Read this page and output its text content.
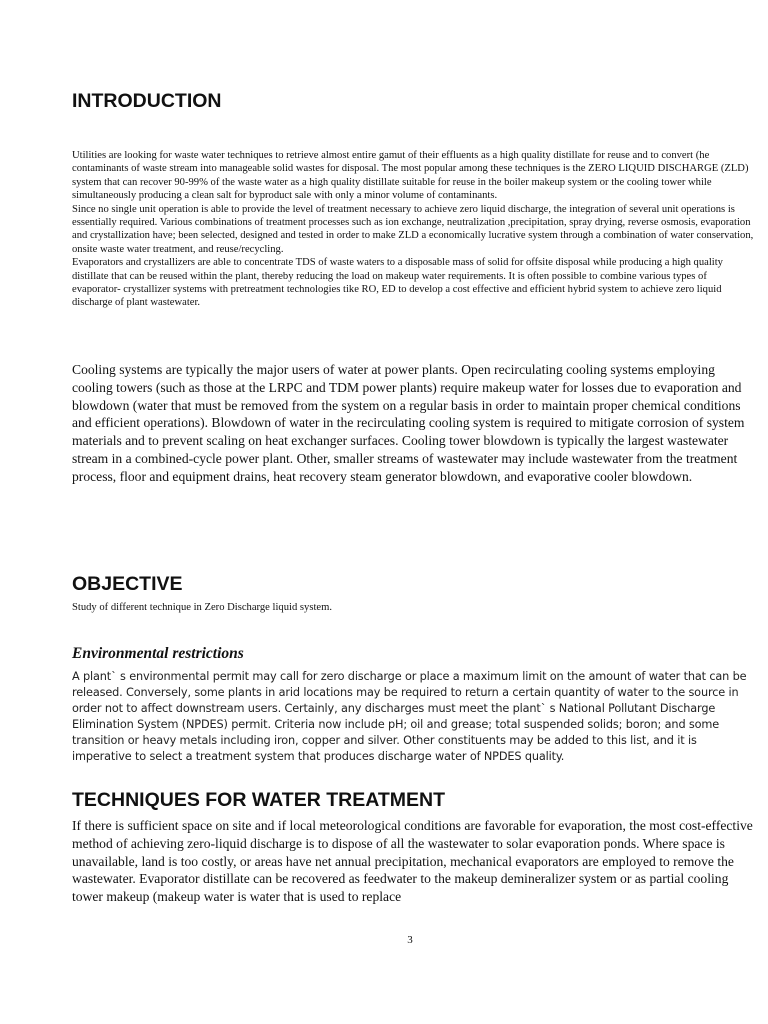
INTRODUCTION

Utilities are looking for waste water techniques to retrieve almost entire gamut of their effluents as a high quality distillate for reuse and to convert (he contaminants of waste stream into manageable solid wastes for disposal. The most popular among these techniques is the ZERO LIQUID DISCHARGE (ZLD) system that can recover 90-99% of the waste water as a high quality distillate suitable for reuse in the boiler makeup system or the cooling tower while simultaneously producing a clean salt for byproduct sale with only a minor volume of contaminants.

Since no single unit operation is able to provide the level of treatment necessary to achieve zero liquid discharge, the integration of several unit operations is essentially required. Various combinations of treatment processes such as ion exchange, neutralization ,precipitation, spray drying, reverse osmosis, evaporation and crystallization have; been selected, designed and tested in order to make ZLD a economically lucrative system through a combination of water conservation, onsite waste water treatment, and reuse/recycling.

Evaporators and crystallizers are able to concentrate TDS of waste waters to a disposable mass of solid for offsite disposal while producing a high quality distillate that can be reused within the plant, thereby reducing the load on makeup water requirements. It is often possible to combine various types of evaporator- crystallizer systems with pretreatment technologies tike RO, ED to develop a cost effective and efficient hybrid system to achieve zero liquid discharge of plant wastewater.

Cooling systems are typically the major users of water at power plants. Open recirculating cooling systems employing cooling towers (such as those at the LRPC and TDM power plants) require makeup water for losses due to evaporation and blowdown (water that must be removed from the system on a regular basis in order to maintain proper chemical conditions and efficient operations). Blowdown of water in the recirculating cooling system is required to mitigate corrosion of system materials and to prevent scaling on heat exchanger surfaces. Cooling tower blowdown is typically the largest wastewater stream in a combined-cycle power plant. Other, smaller streams of wastewater may include wastewater from the treatment process, floor and equipment drains, heat recovery steam generator blowdown, and evaporative cooler blowdown.

OBJECTIVE

Study of different technique in Zero Discharge liquid system.

Environmental restrictions

A plant` s environmental permit may call for zero discharge or place a maximum limit on the amount of water that can be released. Conversely, some plants in arid locations may be required to return a certain quantity of water to the source in order not to affect downstream users. Certainly, any discharges must meet the plant` s National Pollutant Discharge Elimination System (NPDES) permit. Criteria now include pH; oil and grease; total suspended solids; boron; and some transition or heavy metals including iron, copper and silver. Other constituents may be added to this list, and it is imperative to select a treatment system that produces discharge water of NPDES quality.

TECHNIQUES FOR WATER TREATMENT

If there is sufficient space on site and if local meteorological conditions are favorable for evaporation, the most cost-effective method of achieving zero-liquid discharge is to dispose of all the wastewater to solar evaporation ponds. Where space is unavailable, land is too costly, or areas have net annual precipitation, mechanical evaporators are employed to remove the wastewater. Evaporator distillate can be recovered as feedwater to the makeup demineralizer system or as partial cooling tower makeup (makeup water is water that is used to replace

3
